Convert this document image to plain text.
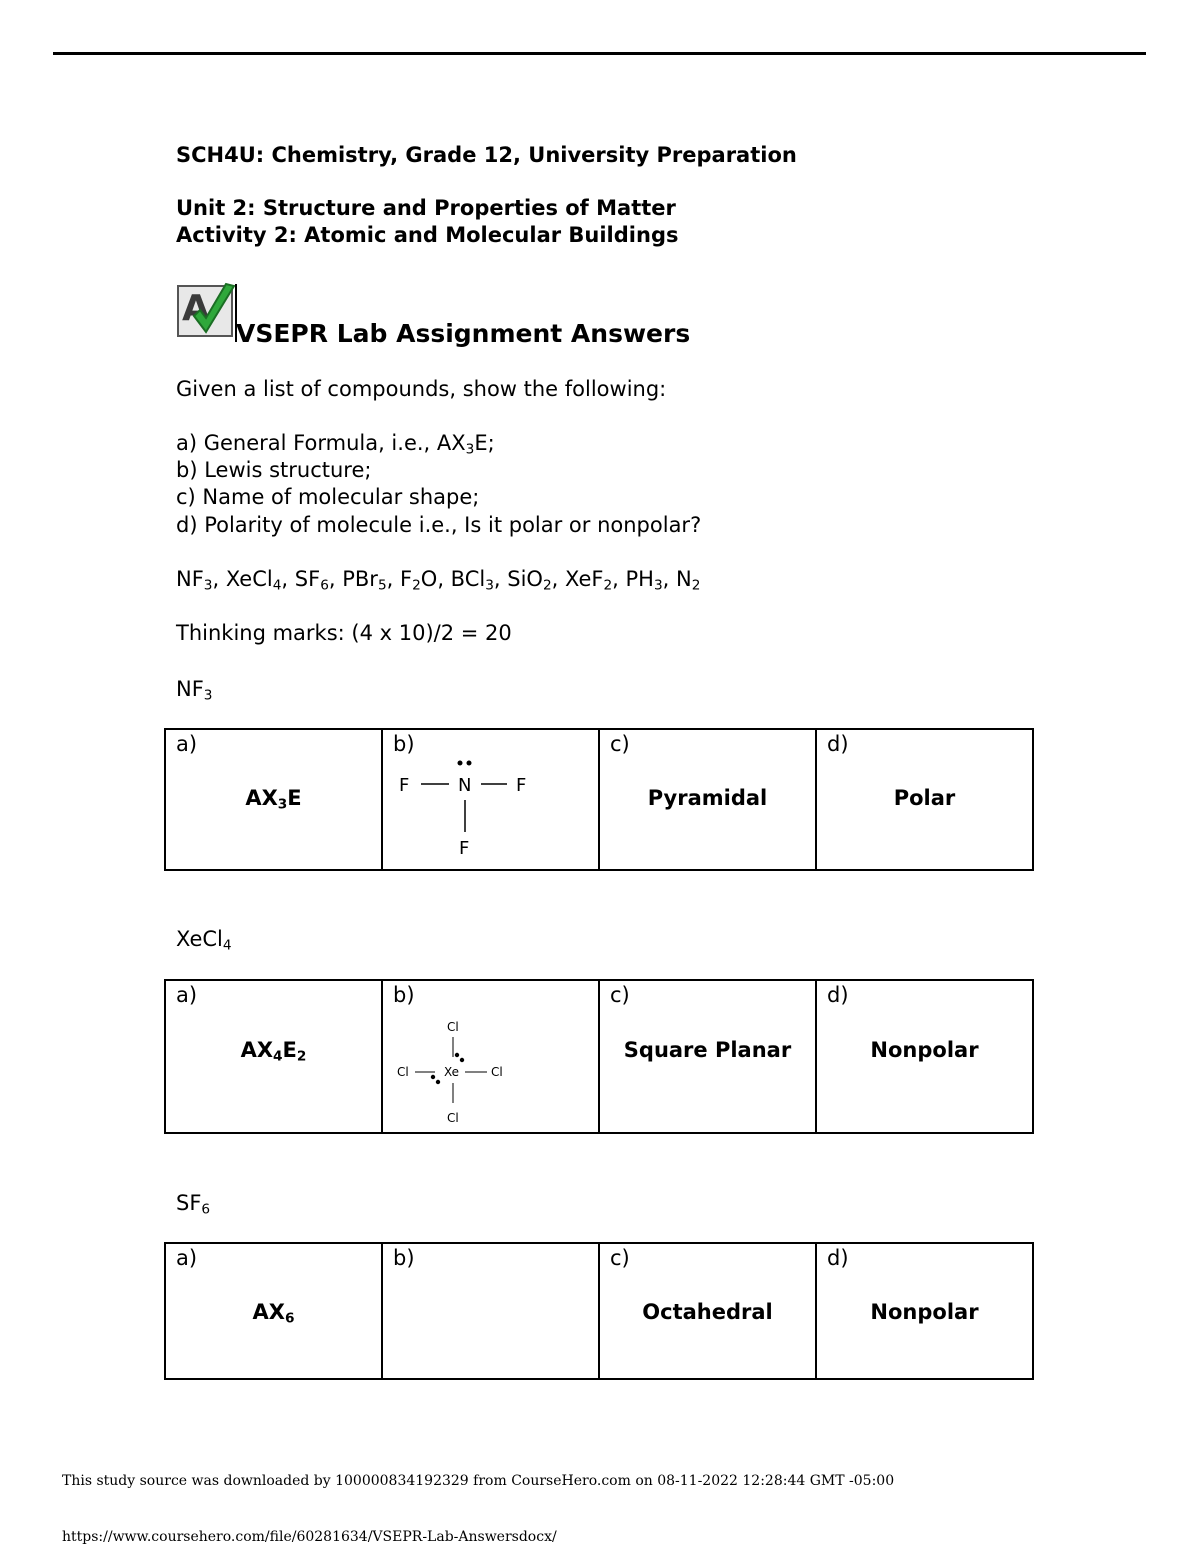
SCH4U: Chemistry, Grade 12, University Preparation
Unit 2: Structure and Properties of Matter
Activity 2: Atomic and Molecular Buildings
A
VSEPR Lab Assignment Answers
Given a list of compounds, show the following:
a) General Formula, i.e., $AX_3E$;
b) Lewis structure;
c) Name of molecular shape;
d) Polarity of molecule i.e., Is it polar or nonpolar?
$NF_3$, XeCl$_4$, $SF_6$, PBr$_5$, $F_2O$, BCl$_3$, SiO$_2$, XeF$_2$, $PH_3$, $N_2$
Thinking marks: (4 x 10)/2 = 20
$NF_3$
a)
$AX_3E$

b)
F	N F
F

c)
Pyramidal

d)
Polar
XeCl$_4$
a)
$AX_4E_2$

b)
Cl
Cl	Xe	Cl
Cl

c)
Square Planar

d)
Nonpolar
$SF_6$
a)
$AX_6$

b)	c)
Octahedral

d)
Nonpolar
This study source was downloaded by 100000834192329 from CourseHero.com on 08-11-2022 12:28:44 GMT -05:00
https://www.coursehero.com/file/60281634/VSEPR-Lab-Answersdocx/
